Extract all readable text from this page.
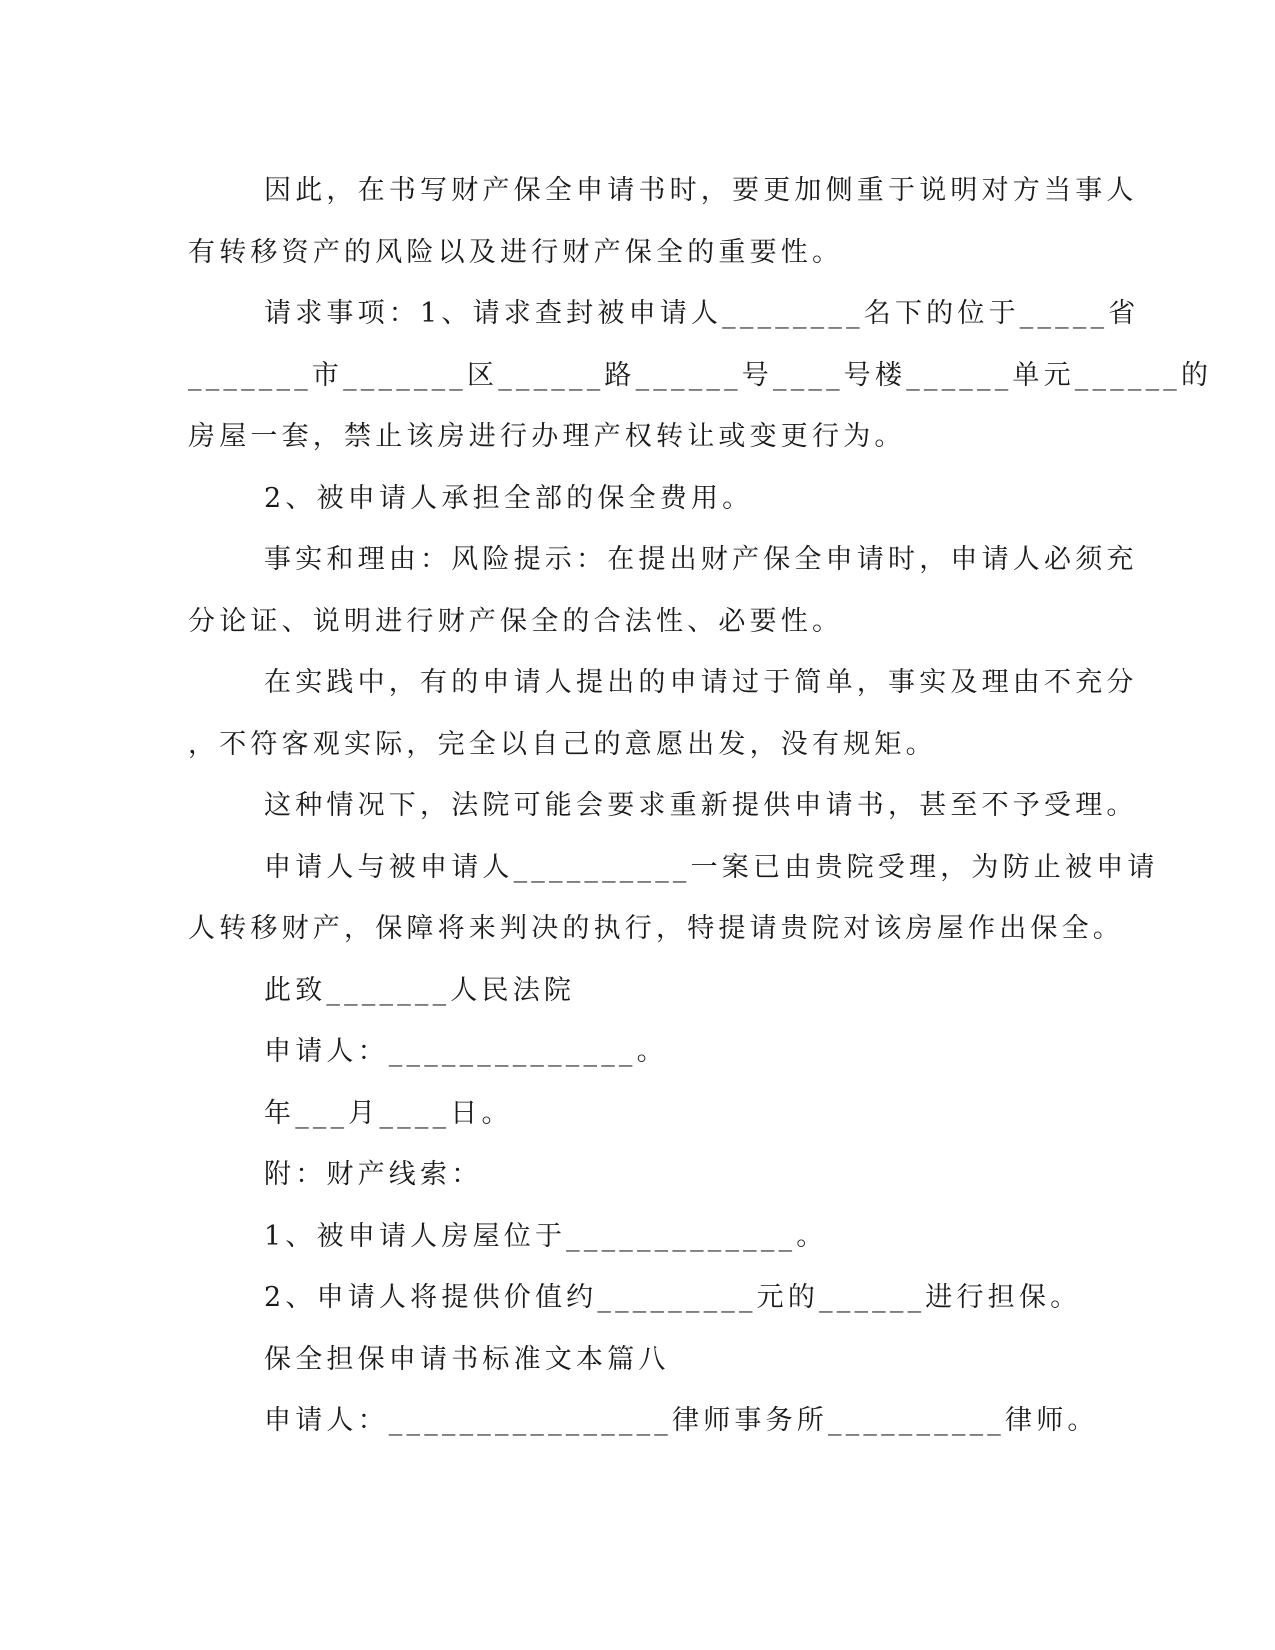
因此，在书写财产保全申请书时，要更加侧重于说明对方当事人
有转移资产的风险以及进行财产保全的重要性。
请求事项：1、请求查封被申请人________名下的位于_____省
_______市_______区______路______号____号楼______单元______的
房屋一套，禁止该房进行办理产权转让或变更行为。
2、被申请人承担全部的保全费用。
事实和理由：风险提示：在提出财产保全申请时，申请人必须充
分论证、说明进行财产保全的合法性、必要性。
在实践中，有的申请人提出的申请过于简单，事实及理由不充分
，不符客观实际，完全以自己的意愿出发，没有规矩。
这种情况下，法院可能会要求重新提供申请书，甚至不予受理。
申请人与被申请人__________一案已由贵院受理，为防止被申请
人转移财产，保障将来判决的执行，特提请贵院对该房屋作出保全。
此致_______人民法院
申请人：______________。
年___月____日。
附：财产线索：
1、被申请人房屋位于_____________。
2、申请人将提供价值约_________元的______进行担保。
保全担保申请书标准文本篇八
申请人：________________律师事务所__________律师。
